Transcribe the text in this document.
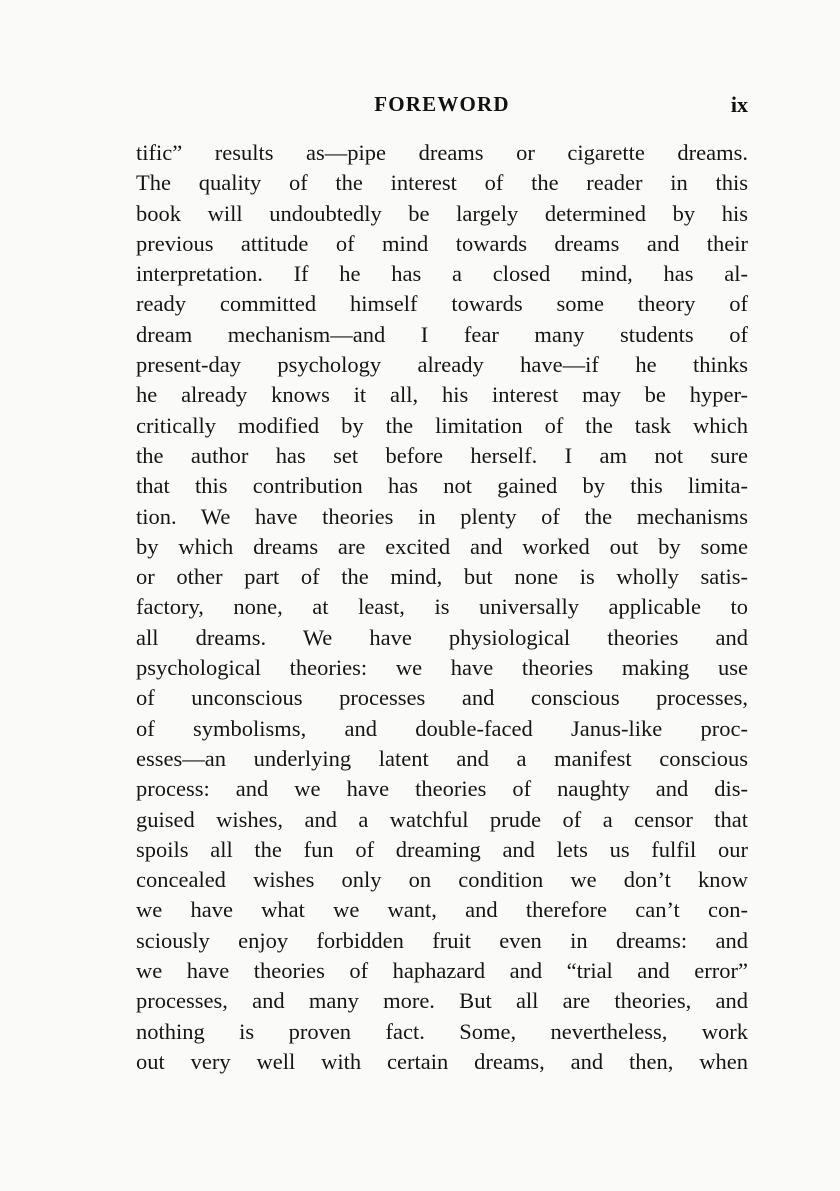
FOREWORD	ix
tific” results as—pipe dreams or cigarette dreams.
The quality of the interest of the reader in this
book will undoubtedly be largely determined by his
previous attitude of mind towards dreams and their
interpretation. If he has a closed mind, has al-
ready committed himself towards some theory of
dream mechanism—and I fear many students of
present-day psychology already have—if he thinks
he already knows it all, his interest may be hyper-
critically modified by the limitation of the task which
the author has set before herself. I am not sure
that this contribution has not gained by this limita-
tion. We have theories in plenty of the mechanisms
by which dreams are excited and worked out by some
or other part of the mind, but none is wholly satis-
factory, none, at least, is universally applicable to
all dreams. We have physiological theories and
psychological theories: we have theories making use
of unconscious processes and conscious processes,
of symbolisms, and double-faced Janus-like proc-
esses—an underlying latent and a manifest conscious
process: and we have theories of naughty and dis-
guised wishes, and a watchful prude of a censor that
spoils all the fun of dreaming and lets us fulfil our
concealed wishes only on condition we don’t know
we have what we want, and therefore can’t con-
sciously enjoy forbidden fruit even in dreams: and
we have theories of haphazard and “trial and error”
processes, and many more. But all are theories, and
nothing is proven fact. Some, nevertheless, work
out very well with certain dreams, and then, when
